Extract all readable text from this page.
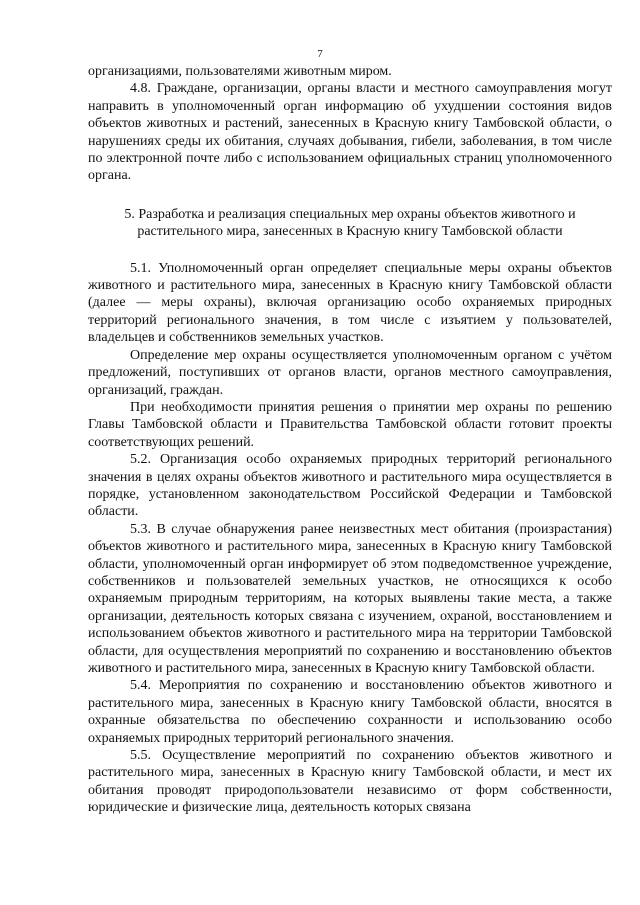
7

организациями, пользователями животным миром.

4.8. Граждане, организации, органы власти и местного самоуправления могут направить в уполномоченный орган информацию об ухудшении состояния видов объектов животных и растений, занесенных в Красную книгу Тамбовской области, о нарушениях среды их обитания, случаях добывания, гибели, заболевания, в том числе по электронной почте либо с использованием официальных страниц уполномоченного органа.

5. Разработка и реализация специальных мер охраны объектов животного и растительного мира, занесенных в Красную книгу Тамбовской области

5.1. Уполномоченный орган определяет специальные меры охраны объектов животного и растительного мира, занесенных в Красную книгу Тамбовской области (далее — меры охраны), включая организацию особо охраняемых природных территорий регионального значения, в том числе с изъятием у пользователей, владельцев и собственников земельных участков.

Определение мер охраны осуществляется уполномоченным органом с учётом предложений, поступивших от органов власти, органов местного самоуправления, организаций, граждан.

При необходимости принятия решения о принятии мер охраны по решению Главы Тамбовской области и Правительства Тамбовской области готовит проекты соответствующих решений.

5.2. Организация особо охраняемых природных территорий регионального значения в целях охраны объектов животного и растительного мира осуществляется в порядке, установленном законодательством Российской Федерации и Тамбовской области.

5.3. В случае обнаружения ранее неизвестных мест обитания (произрастания) объектов животного и растительного мира, занесенных в Красную книгу Тамбовской области, уполномоченный орган информирует об этом подведомственное учреждение, собственников и пользователей земельных участков, не относящихся к особо охраняемым природным территориям, на которых выявлены такие места, а также организации, деятельность которых связана с изучением, охраной, восстановлением и использованием объектов животного и растительного мира на территории Тамбовской области, для осуществления мероприятий по сохранению и восстановлению объектов животного и растительного мира, занесенных в Красную книгу Тамбовской области.

5.4. Мероприятия по сохранению и восстановлению объектов животного и растительного мира, занесенных в Красную книгу Тамбовской области, вносятся в охранные обязательства по обеспечению сохранности и использованию особо охраняемых природных территорий регионального значения.

5.5. Осуществление мероприятий по сохранению объектов животного и растительного мира, занесенных в Красную книгу Тамбовской области, и мест их обитания проводят природопользователи независимо от форм собственности, юридические и физические лица, деятельность которых связана
